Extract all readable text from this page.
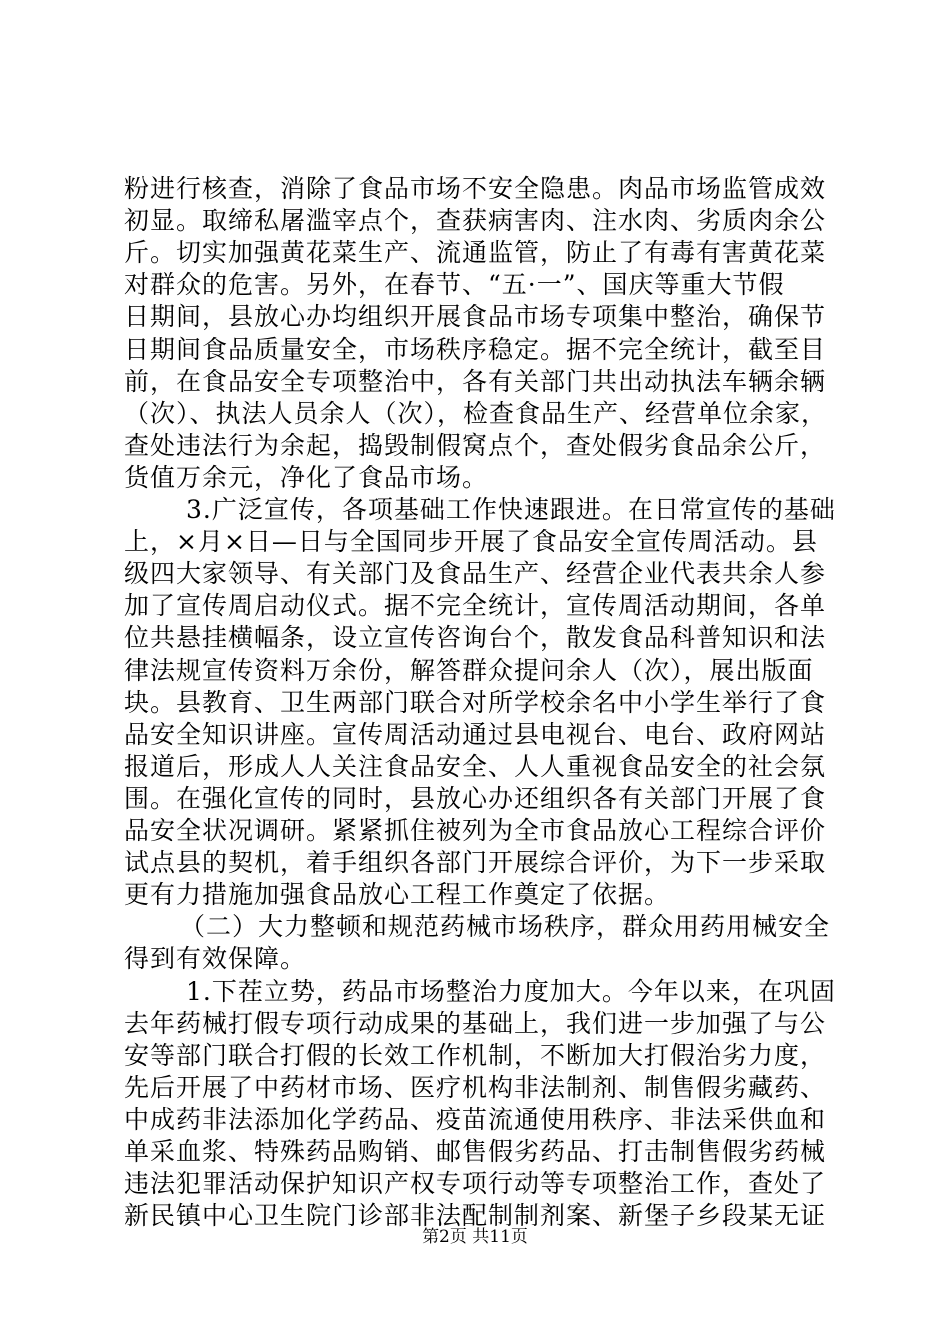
粉进行核查，消除了食品市场不安全隐患。肉品市场监管成效
初显。取缔私屠滥宰点个，查获病害肉、注水肉、劣质肉余公
斤。切实加强黄花菜生产、流通监管，防止了有毒有害黄花菜
对群众的危害。另外，在春节、“五·一”、国庆等重大节假
日期间，县放心办均组织开展食品市场专项集中整治，确保节
日期间食品质量安全，市场秩序稳定。据不完全统计，截至目
前，在食品安全专项整治中，各有关部门共出动执法车辆余辆
（次）、执法人员余人（次），检查食品生产、经营单位余家，
查处违法行为余起，捣毁制假窝点个，查处假劣食品余公斤，
货值万余元，净化了食品市场。
3.广泛宣传，各项基础工作快速跟进。在日常宣传的基础
上，×月×日—日与全国同步开展了食品安全宣传周活动。县
级四大家领导、有关部门及食品生产、经营企业代表共余人参
加了宣传周启动仪式。据不完全统计，宣传周活动期间，各单
位共悬挂横幅条，设立宣传咨询台个，散发食品科普知识和法
律法规宣传资料万余份，解答群众提问余人（次），展出版面
块。县教育、卫生两部门联合对所学校余名中小学生举行了食
品安全知识讲座。宣传周活动通过县电视台、电台、政府网站
报道后，形成人人关注食品安全、人人重视食品安全的社会氛
围。在强化宣传的同时，县放心办还组织各有关部门开展了食
品安全状况调研。紧紧抓住被列为全市食品放心工程综合评价
试点县的契机，着手组织各部门开展综合评价，为下一步采取
更有力措施加强食品放心工程工作奠定了依据。
（二）大力整顿和规范药械市场秩序，群众用药用械安全
得到有效保障。
1.下茬立势，药品市场整治力度加大。今年以来，在巩固
去年药械打假专项行动成果的基础上，我们进一步加强了与公
安等部门联合打假的长效工作机制，不断加大打假治劣力度，
先后开展了中药材市场、医疗机构非法制剂、制售假劣藏药、
中成药非法添加化学药品、疫苗流通使用秩序、非法采供血和
单采血浆、特殊药品购销、邮售假劣药品、打击制售假劣药械
违法犯罪活动保护知识产权专项行动等专项整治工作，查处了
新民镇中心卫生院门诊部非法配制制剂案、新堡子乡段某无证
第2页 共11页
